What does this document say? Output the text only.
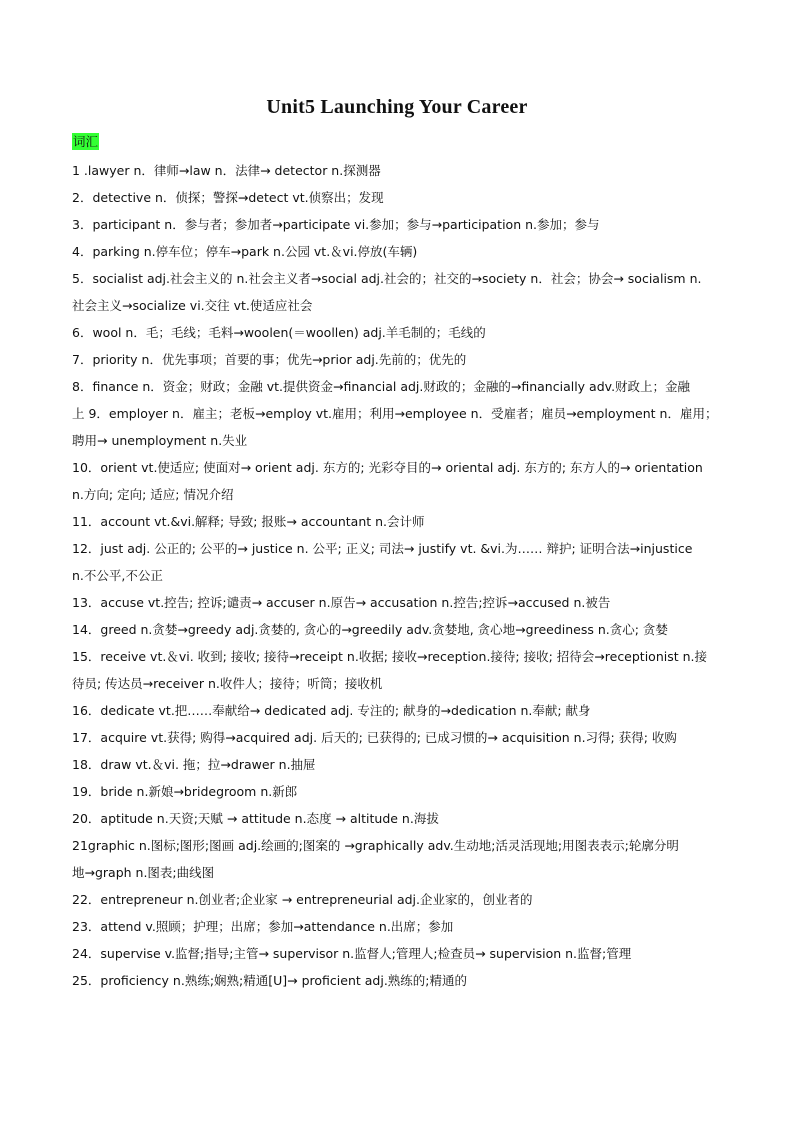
Unit5 Launching Your Career
词汇
1 .lawyer n．律师→law n．法律→ detector n.探测器
2．detective n．侦探；警探→detect vt.侦察出；发现
3．participant n．参与者；参加者→participate vi.参加；参与→participation n.参加；参与
4．parking n.停车位；停车→park n.公园 vt.＆vi.停放(车辆)
5．socialist adj.社会主义的 n.社会主义者→social adj.社会的；社交的→society n．社会；协会→ socialism n.
社会主义→socialize vi.交往 vt.使适应社会
6．wool n．毛；毛线；毛料→woolen(＝woollen) adj.羊毛制的；毛线的
7．priority n．优先事项；首要的事；优先→prior adj.先前的；优先的
8．finance n．资金；财政；金融 vt.提供资金→financial adj.财政的；金融的→financially adv.财政上；金融
上 9．employer n．雇主；老板→employ vt.雇用；利用→employee n．受雇者；雇员→employment n．雇用；
聘用→ unemployment n.失业
10．orient vt.使适应; 使面对→ orient adj. 东方的; 光彩夺目的→ oriental adj. 东方的; 东方人的→ orientation
n.方向; 定向; 适应; 情况介绍
11．account vt.&vi.解释; 导致; 报账→ accountant n.会计师
12．just adj. 公正的; 公平的→ justice n. 公平; 正义; 司法→ justify vt. &vi.为…… 辩护; 证明合法→injustice
n.不公平,不公正
13．accuse vt.控告; 控诉;谴责→ accuser n.原告→ accusation n.控告;控诉→accused n.被告
14．greed n.贪婪→greedy adj.贪婪的, 贪心的→greedily adv.贪婪地, 贪心地→greediness n.贪心; 贪婪
15．receive vt.＆vi. 收到; 接收; 接待→receipt n.收据; 接收→reception.接待; 接收; 招待会→receptionist n.接
待员; 传达员→receiver n.收件人；接待；听筒；接收机
16．dedicate vt.把……奉献给→ dedicated adj. 专注的; 献身的→dedication n.奉献; 献身
17．acquire vt.获得; 购得→acquired adj. 后天的; 已获得的; 已成习惯的→ acquisition n.习得; 获得; 收购
18．draw vt.＆vi. 拖；拉→drawer n.抽屉
19．bride n.新娘→bridegroom n.新郎
20．aptitude n.天资;天赋 → attitude n.态度 → altitude n.海拔
21graphic n.图标;图形;图画 adj.绘画的;图案的 →graphically adv.生动地;活灵活现地;用图表表示;轮廓分明
地→graph n.图表;曲线图
22．entrepreneur n.创业者;企业家 → entrepreneurial adj.企业家的，创业者的
23．attend v.照顾；护理；出席；参加→attendance n.出席；参加
24．supervise v.监督;指导;主管→ supervisor n.监督人;管理人;检查员→ supervision n.监督;管理
25．proficiency n.熟练;娴熟;精通[U]→ proficient adj.熟练的;精通的
